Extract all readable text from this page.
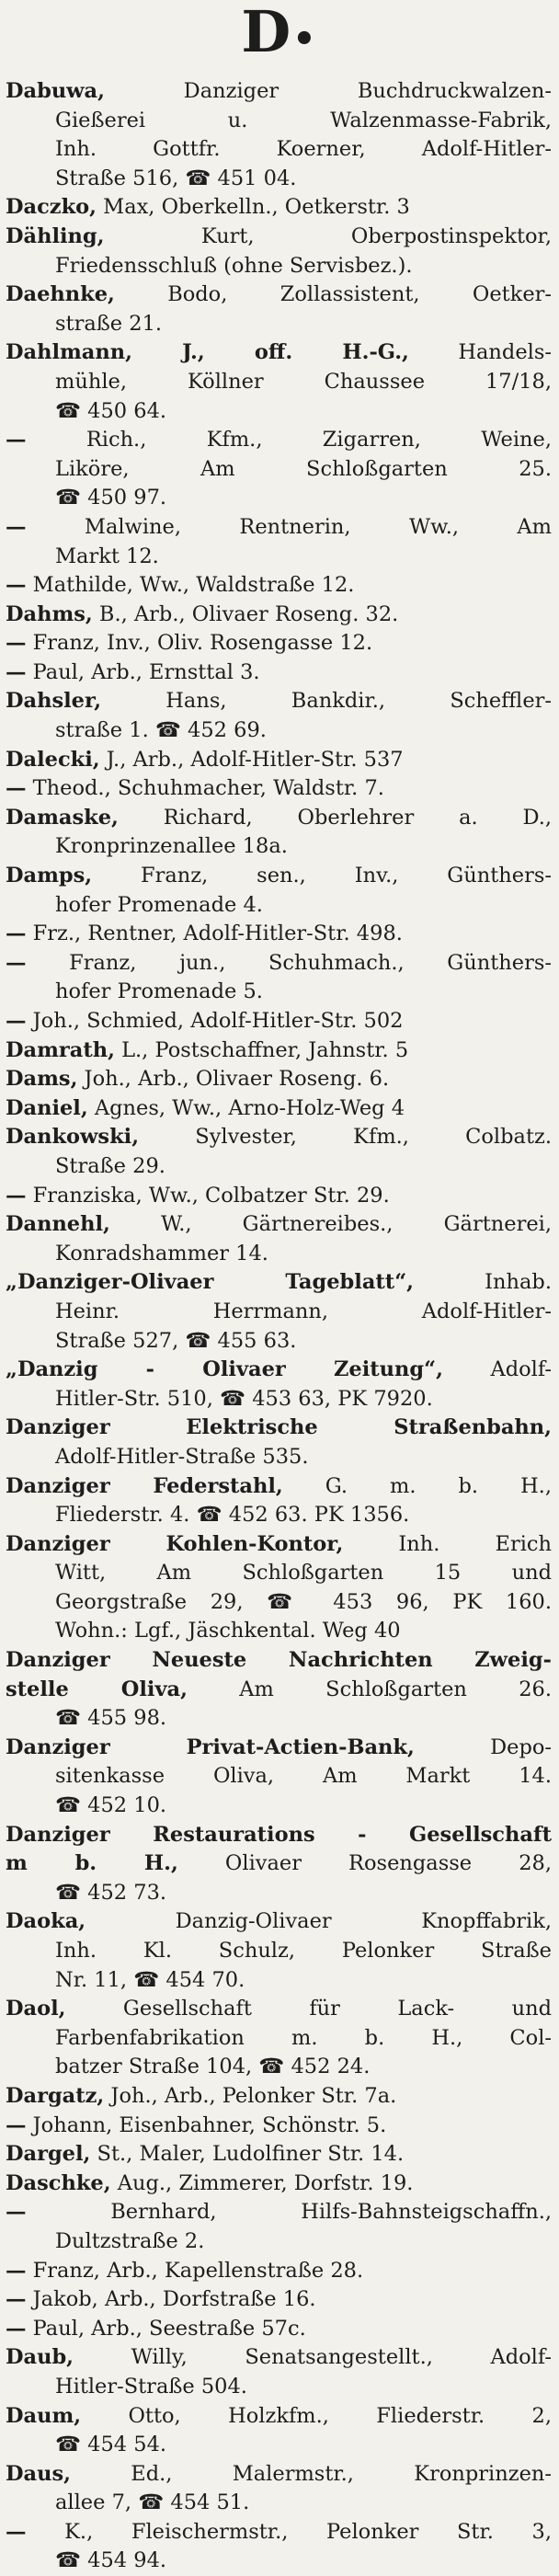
D•
Dabuwa, Danziger Buchdruckwalzen-
Gießerei u. Walzenmasse-Fabrik,
Inh. Gottfr. Koerner, Adolf-Hitler-
Straße 516, ☎ 451 04.
Daczko, Max, Oberkelln., Oetkerstr. 3
Dähling, Kurt, Oberpostinspektor,
Friedensschluß (ohne Servisbez.).
Daehnke, Bodo, Zollassistent, Oetker-
straße 21.
Dahlmann, J., off. H.-G., Handels-
mühle, Köllner Chaussee 17/18,
☎ 450 64.
— Rich., Kfm., Zigarren, Weine,
Liköre, Am Schloßgarten 25.
☎ 450 97.
— Malwine, Rentnerin, Ww., Am
Markt 12.
— Mathilde, Ww., Waldstraße 12.
Dahms, B., Arb., Olivaer Roseng. 32.
— Franz, Inv., Oliv. Rosengasse 12.
— Paul, Arb., Ernsttal 3.
Dahsler, Hans, Bankdir., Scheffler-
straße 1. ☎ 452 69.
Dalecki, J., Arb., Adolf-Hitler-Str. 537
— Theod., Schuhmacher, Waldstr. 7.
Damaske, Richard, Oberlehrer a. D.,
Kronprinzenallee 18a.
Damps, Franz, sen., Inv., Günthers-
hofer Promenade 4.
— Frz., Rentner, Adolf-Hitler-Str. 498.
— Franz, jun., Schuhmach., Günthers-
hofer Promenade 5.
— Joh., Schmied, Adolf-Hitler-Str. 502
Damrath, L., Postschaffner, Jahnstr. 5
Dams, Joh., Arb., Olivaer Roseng. 6.
Daniel, Agnes, Ww., Arno-Holz-Weg 4
Dankowski, Sylvester, Kfm., Colbatz.
Straße 29.
— Franziska, Ww., Colbatzer Str. 29.
Dannehl, W., Gärtnereibes., Gärtnerei,
Konradshammer 14.
„Danziger-Olivaer Tageblatt“, Inhab.
Heinr. Herrmann, Adolf-Hitler-
Straße 527, ☎ 455 63.
„Danzig - Olivaer Zeitung“, Adolf-
Hitler-Str. 510, ☎ 453 63, PK 7920.
Danziger Elektrische Straßenbahn,
Adolf-Hitler-Straße 535.
Danziger Federstahl, G. m. b. H.,
Fliederstr. 4. ☎ 452 63. PK 1356.
Danziger Kohlen-Kontor, Inh. Erich
Witt, Am Schloßgarten 15 und
Georgstraße 29, ☎ 453 96, PK 160.
Wohn.: Lgf., Jäschkental. Weg 40
Danziger Neueste Nachrichten Zweig-
stelle Oliva, Am Schloßgarten 26.
☎ 455 98.
Danziger Privat-Actien-Bank, Depo-
sitenkasse Oliva, Am Markt 14.
☎ 452 10.
Danziger Restaurations - Gesellschaft
m b. H., Olivaer Rosengasse 28,
☎ 452 73.
Daoka, Danzig-Olivaer Knopffabrik,
Inh. Kl. Schulz, Pelonker Straße
Nr. 11, ☎ 454 70.
Daol, Gesellschaft für Lack- und
Farbenfabrikation m. b. H., Col-
batzer Straße 104, ☎ 452 24.
Dargatz, Joh., Arb., Pelonker Str. 7a.
— Johann, Eisenbahner, Schönstr. 5.
Dargel, St., Maler, Ludolfiner Str. 14.
Daschke, Aug., Zimmerer, Dorfstr. 19.
— Bernhard, Hilfs-Bahnsteigschaffn.,
Dultzstraße 2.
— Franz, Arb., Kapellenstraße 28.
— Jakob, Arb., Dorfstraße 16.
— Paul, Arb., Seestraße 57c.
Daub, Willy, Senatsangestellt., Adolf-
Hitler-Straße 504.
Daum, Otto, Holzkfm., Fliederstr. 2,
☎ 454 54.
Daus, Ed., Malermstr., Kronprinzen-
allee 7, ☎ 454 51.
— K., Fleischermstr., Pelonker Str. 3,
☎ 454 94.
